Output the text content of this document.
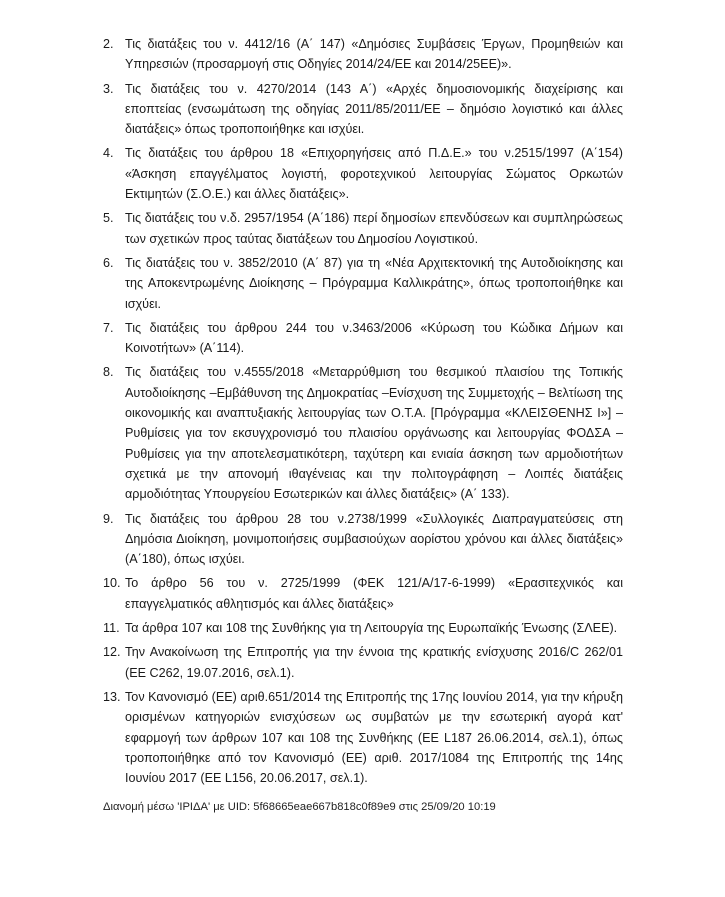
2. Τις διατάξεις του ν. 4412/16 (Α΄ 147) «Δημόσιες Συμβάσεις Έργων, Προμηθειών και Υπηρεσιών (προσαρμογή στις Οδηγίες 2014/24/ΕΕ και 2014/25ΕΕ)».
3. Τις διατάξεις του ν. 4270/2014 (143 Α΄) «Αρχές δημοσιονομικής διαχείρισης και εποπτείας (ενσωμάτωση της οδηγίας 2011/85/2011/ΕΕ – δημόσιο λογιστικό και άλλες διατάξεις» όπως τροποποιήθηκε και ισχύει.
4. Τις διατάξεις του άρθρου 18 «Επιχορηγήσεις από Π.Δ.Ε.» του ν.2515/1997 (Α΄154) «Άσκηση επαγγέλματος λογιστή, φοροτεχνικού λειτουργίας Σώματος Ορκωτών Εκτιμητών (Σ.Ο.Ε.) και άλλες διατάξεις».
5. Τις διατάξεις του ν.δ. 2957/1954 (Α΄186) περί δημοσίων επενδύσεων και συμπληρώσεως των σχετικών προς ταύτας διατάξεων του Δημοσίου Λογιστικού.
6. Τις διατάξεις του ν. 3852/2010 (Α΄ 87) για τη «Νέα Αρχιτεκτονική της Αυτοδιοίκησης και της Αποκεντρωμένης Διοίκησης – Πρόγραμμα Καλλικράτης», όπως τροποποιήθηκε και ισχύει.
7. Τις διατάξεις του άρθρου 244 του ν.3463/2006 «Κύρωση του Κώδικα Δήμων και Κοινοτήτων» (Α΄114).
8. Τις διατάξεις του ν.4555/2018 «Μεταρρύθμιση του θεσμικού πλαισίου της Τοπικής Αυτοδιοίκησης –Εμβάθυνση της Δημοκρατίας –Ενίσχυση της Συμμετοχής – Βελτίωση της οικονομικής και αναπτυξιακής λειτουργίας των Ο.Τ.Α. [Πρόγραμμα «ΚΛΕΙΣΘΕΝΗΣ Ι»] –Ρυθμίσεις για τον εκσυγχρονισμό του πλαισίου οργάνωσης και λειτουργίας ΦΟΔΣΑ –Ρυθμίσεις για την αποτελεσματικότερη, ταχύτερη και ενιαία άσκηση των αρμοδιοτήτων σχετικά με την απονομή ιθαγένειας και την πολιτογράφηση – Λοιπές διατάξεις αρμοδιότητας Υπουργείου Εσωτερικών και άλλες διατάξεις» (Α΄ 133).
9. Τις διατάξεις του άρθρου 28 του ν.2738/1999 «Συλλογικές Διαπραγματεύσεις στη Δημόσια Διοίκηση, μονιμοποιήσεις συμβασιούχων αορίστου χρόνου και άλλες διατάξεις» (Α΄180), όπως ισχύει.
10. Το άρθρο 56 του ν. 2725/1999 (ΦΕΚ 121/Α/17-6-1999) «Ερασιτεχνικός και επαγγελματικός αθλητισμός και άλλες διατάξεις»
11. Τα άρθρα 107 και 108 της Συνθήκης για τη Λειτουργία της Ευρωπαϊκής Ένωσης (ΣΛΕΕ).
12. Την Ανακοίνωση της Επιτροπής για την έννοια της κρατικής ενίσχυσης 2016/C 262/01 (ΕΕ C262, 19.07.2016, σελ.1).
13. Τον Κανονισμό (ΕΕ) αριθ.651/2014 της Επιτροπής της 17ης Ιουνίου 2014, για την κήρυξη ορισμένων κατηγοριών ενισχύσεων ως συμβατών με την εσωτερική αγορά κατ' εφαρμογή των άρθρων 107 και 108 της Συνθήκης (ΕΕ L187 26.06.2014, σελ.1), όπως τροποποιήθηκε από τον Κανονισμό (ΕΕ) αριθ. 2017/1084 της Επιτροπής της 14ης Ιουνίου 2017 (ΕΕ L156, 20.06.2017, σελ.1).
Διανομή μέσω 'ΙΡΙΔΑ' με UID: 5f68665eae667b818c0f89e9 στις 25/09/20 10:19
